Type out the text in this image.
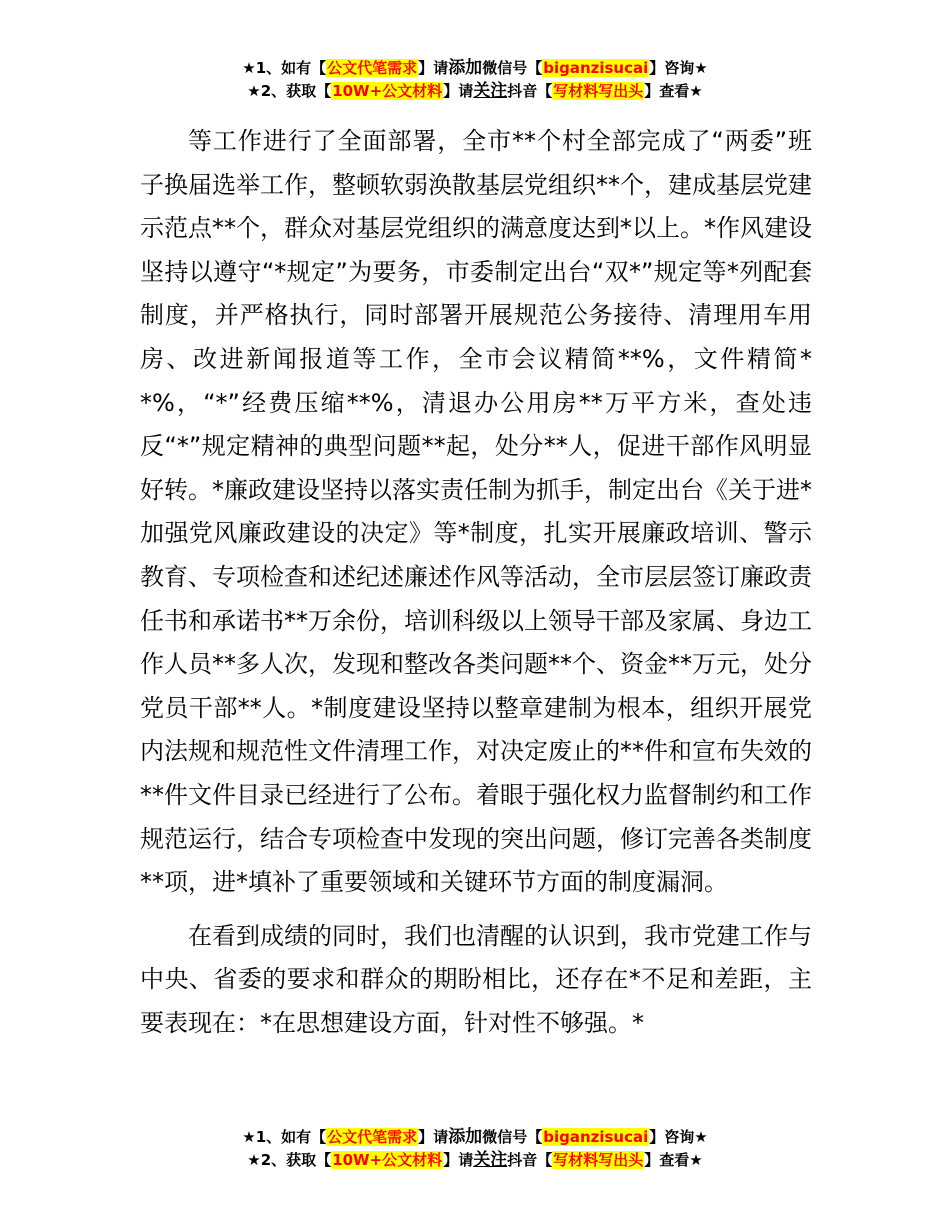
★1、如有【公文代笔需求】请添加微信号【biganzisucai】咨询★
★2、获取【10W+公文材料】请关注抖音【写材料写出头】查看★

等工作进行了全面部署，全市**个村全部完成了“两委”班子换届选举工作，整顿软弱涣散基层党组织**个，建成基层党建示范点**个，群众对基层党组织的满意度达到*以上。*作风建设坚持以遵守“*规定”为要务，市委制定出台“双*”规定等*列配套制度，并严格执行，同时部署开展规范公务接待、清理用车用房、改进新闻报道等工作，全市会议精简**%，文件精简**%，“*”经费压缩**%，清退办公用房**万平方米，查处违反“*”规定精神的典型问题**起，处分**人，促进干部作风明显好转。*廉政建设坚持以落实责任制为抓手，制定出台《关于进*加强党风廉政建设的决定》等*制度，扎实开展廉政培训、警示教育、专项检查和述纪述廉述作风等活动，全市层层签订廉政责任书和承诺书**万余份，培训科级以上领导干部及家属、身边工作人员**多人次，发现和整改各类问题**个、资金**万元，处分党员干部**人。*制度建设坚持以整章建制为根本，组织开展党内法规和规范性文件清理工作，对决定废止的**件和宣布失效的**件文件目录已经进行了公布。着眼于强化权力监督制约和工作规范运行，结合专项检查中发现的突出问题，修订完善各类制度**项，进*填补了重要领域和关键环节方面的制度漏洞。

在看到成绩的同时，我们也清醒的认识到，我市党建工作与中央、省委的要求和群众的期盼相比，还存在*不足和差距，主要表现在：*在思想建设方面，针对性不够强。*

★1、如有【公文代笔需求】请添加微信号【biganzisucai】咨询★
★2、获取【10W+公文材料】请关注抖音【写材料写出头】查看★
